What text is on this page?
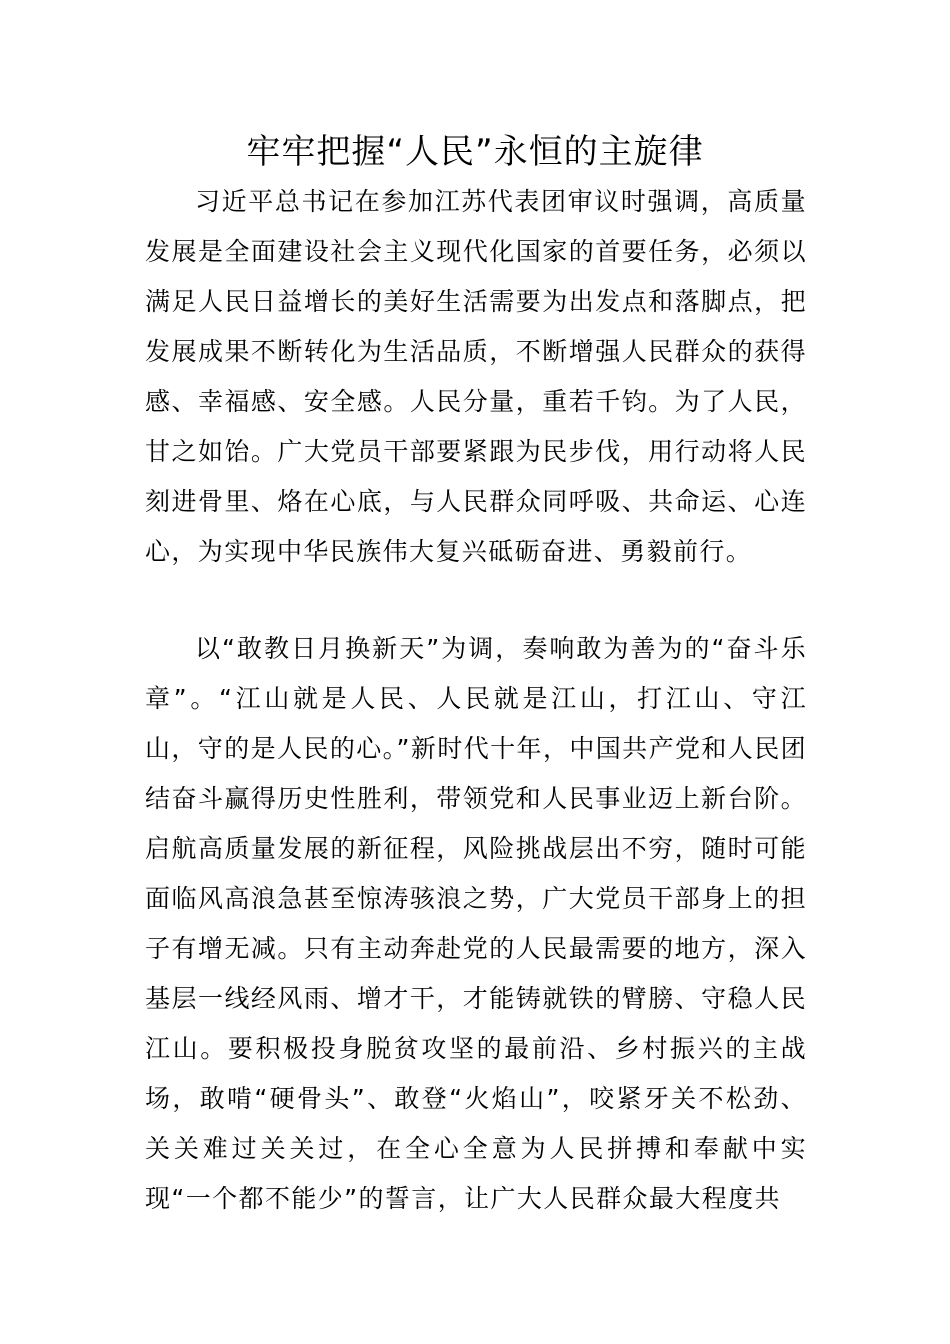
牢牢把握“人民”永恒的主旋律

习近平总书记在参加江苏代表团审议时强调，高质量发展是全面建设社会主义现代化国家的首要任务，必须以满足人民日益增长的美好生活需要为出发点和落脚点，把发展成果不断转化为生活品质，不断增强人民群众的获得感、幸福感、安全感。人民分量，重若千钧。为了人民，甘之如饴。广大党员干部要紧跟为民步伐，用行动将人民刻进骨里、烙在心底，与人民群众同呼吸、共命运、心连心，为实现中华民族伟大复兴砥砺奋进、勇毅前行。

以“敢教日月换新天”为调，奏响敢为善为的“奋斗乐章”。“江山就是人民、人民就是江山，打江山、守江山，守的是人民的心。”新时代十年，中国共产党和人民团结奋斗赢得历史性胜利，带领党和人民事业迈上新台阶。启航高质量发展的新征程，风险挑战层出不穷，随时可能面临风高浪急甚至惊涛骇浪之势，广大党员干部身上的担子有增无减。只有主动奔赴党的人民最需要的地方，深入基层一线经风雨、增才干，才能铸就铁的臂膀、守稳人民江山。要积极投身脱贫攻坚的最前沿、乡村振兴的主战场，敢啃“硬骨头”、敢登“火焰山”，咬紧牙关不松劲、关关难过关关过，在全心全意为人民拼搏和奉献中实现“一个都不能少”的誓言，让广大人民群众最大程度共
